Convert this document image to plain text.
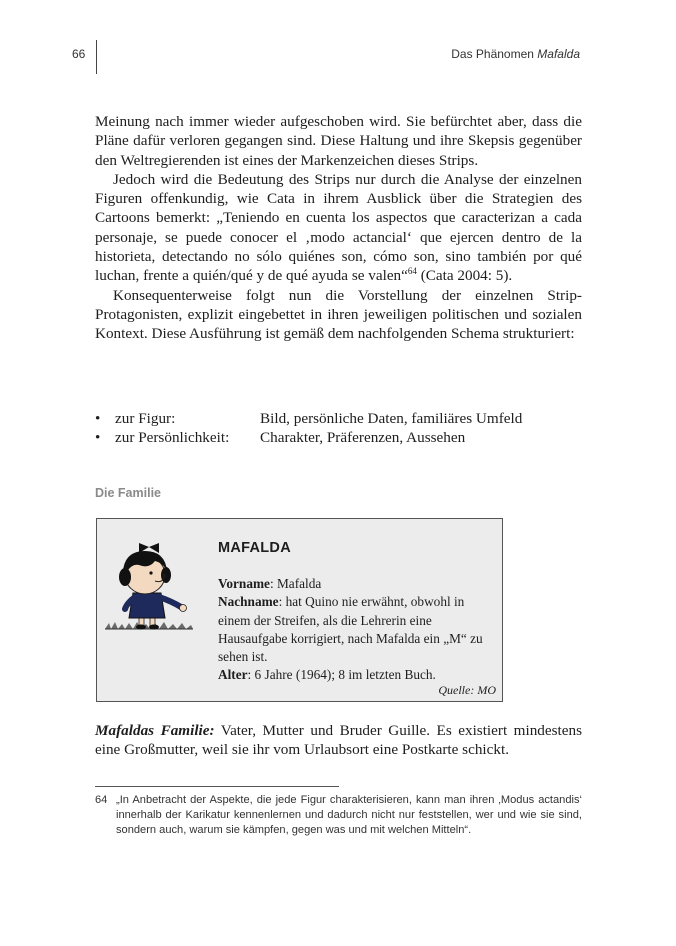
66	Das Phänomen Mafalda

Meinung nach immer wieder aufgeschoben wird. Sie befürchtet aber, dass die Pläne dafür verloren gegangen sind. Diese Haltung und ihre Skepsis gegenüber den Weltregierenden ist eines der Markenzeichen dieses Strips.

Jedoch wird die Bedeutung des Strips nur durch die Analyse der einzelnen Figuren offenkundig, wie Cata in ihrem Ausblick über die Strategien des Cartoons bemerkt: „Teniendo en cuenta los aspectos que caracterizan a cada personaje, se puede conocer el ‚modo actancial‘ que ejercen dentro de la historieta, detectando no sólo quiénes son, cómo son, sino también por qué luchan, frente a quién/qué y de qué ayuda se valen“$^{64}$ (Cata 2004: 5).

Konsequenterweise folgt nun die Vorstellung der einzelnen Strip-Protagonisten, explizit eingebettet in ihren jeweiligen politischen und sozialen Kontext. Diese Ausführung ist gemäß dem nachfolgenden Schema strukturiert:

• zur Figur:	Bild, persönliche Daten, familiäres Umfeld
• zur Persönlichkeit: Charakter, Präferenzen, Aussehen
Die Familie
MAFALDA

Vorname: Mafalda

Nachname: hat Quino nie erwähnt, obwohl in einem der Streifen, als die Lehrerin eine Hausaufgabe korrigiert, nach Mafalda ein „M“ zu sehen ist.

Alter: 6 Jahre (1964); 8 im letzten Buch.

Quelle: MO

Mafaldas Familie: Vater, Mutter und Bruder Guille. Es existiert mindestens eine Großmutter, weil sie ihr vom Urlaubsort eine Postkarte schickt.

64 „In Anbetracht der Aspekte, die jede Figur charakterisieren, kann man ihren ‚Modus actandis‘ innerhalb der Karikatur kennenlernen und dadurch nicht nur feststellen, wer und wie sie sind, sondern auch, warum sie kämpfen, gegen was und mit welchen Mitteln“.
